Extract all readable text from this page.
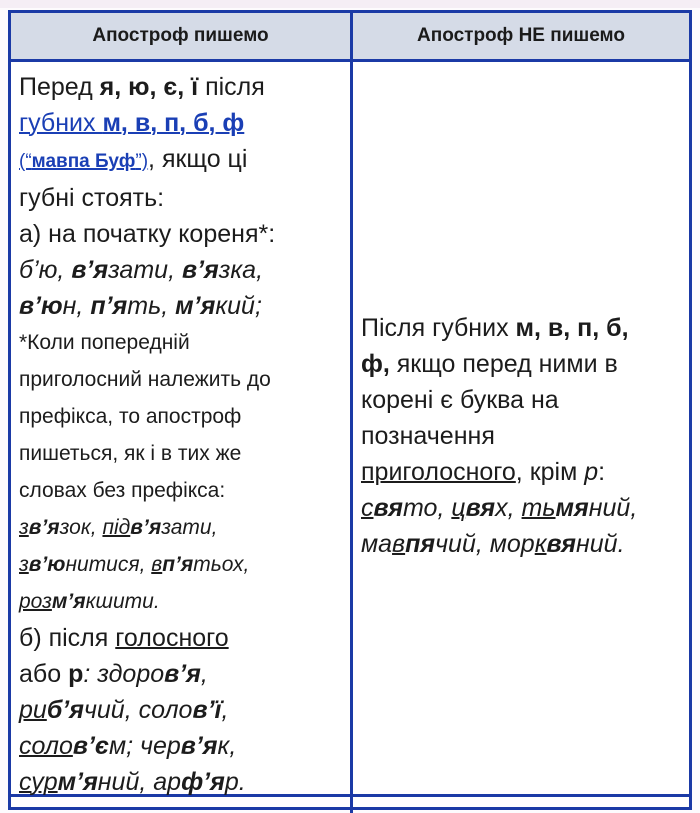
Апостроф пишемо	Апостроф НЕ пишемо
Перед я, ю, є, ї після
губних м, в, п, б, ф
(“мавпа Буф”), якщо ці
губні стоять:
а) на початку кореня*:
б’ю, в’язати, в’язка,
в’юн, п’ять, м’який;
*Коли попередній
приголосний належить до
префікса, то апостроф
пишеться, як і в тих же
словах без префікса:
зв’язок, підв’язати,
зв’юнитися, вп’ятьох,
розм’якшити.
б) після голосного
або р: здоров’я,
риб’ячий, солов’ї,
солов’єм; черв’як,
сурм’яний, арф’яр.
Після губних м, в, п, б,
ф, якщо перед ними в
корені є буква на
позначення
приголосного, крім р:
свято, цвях, тьмяний,
мавпячий, морквяний.
